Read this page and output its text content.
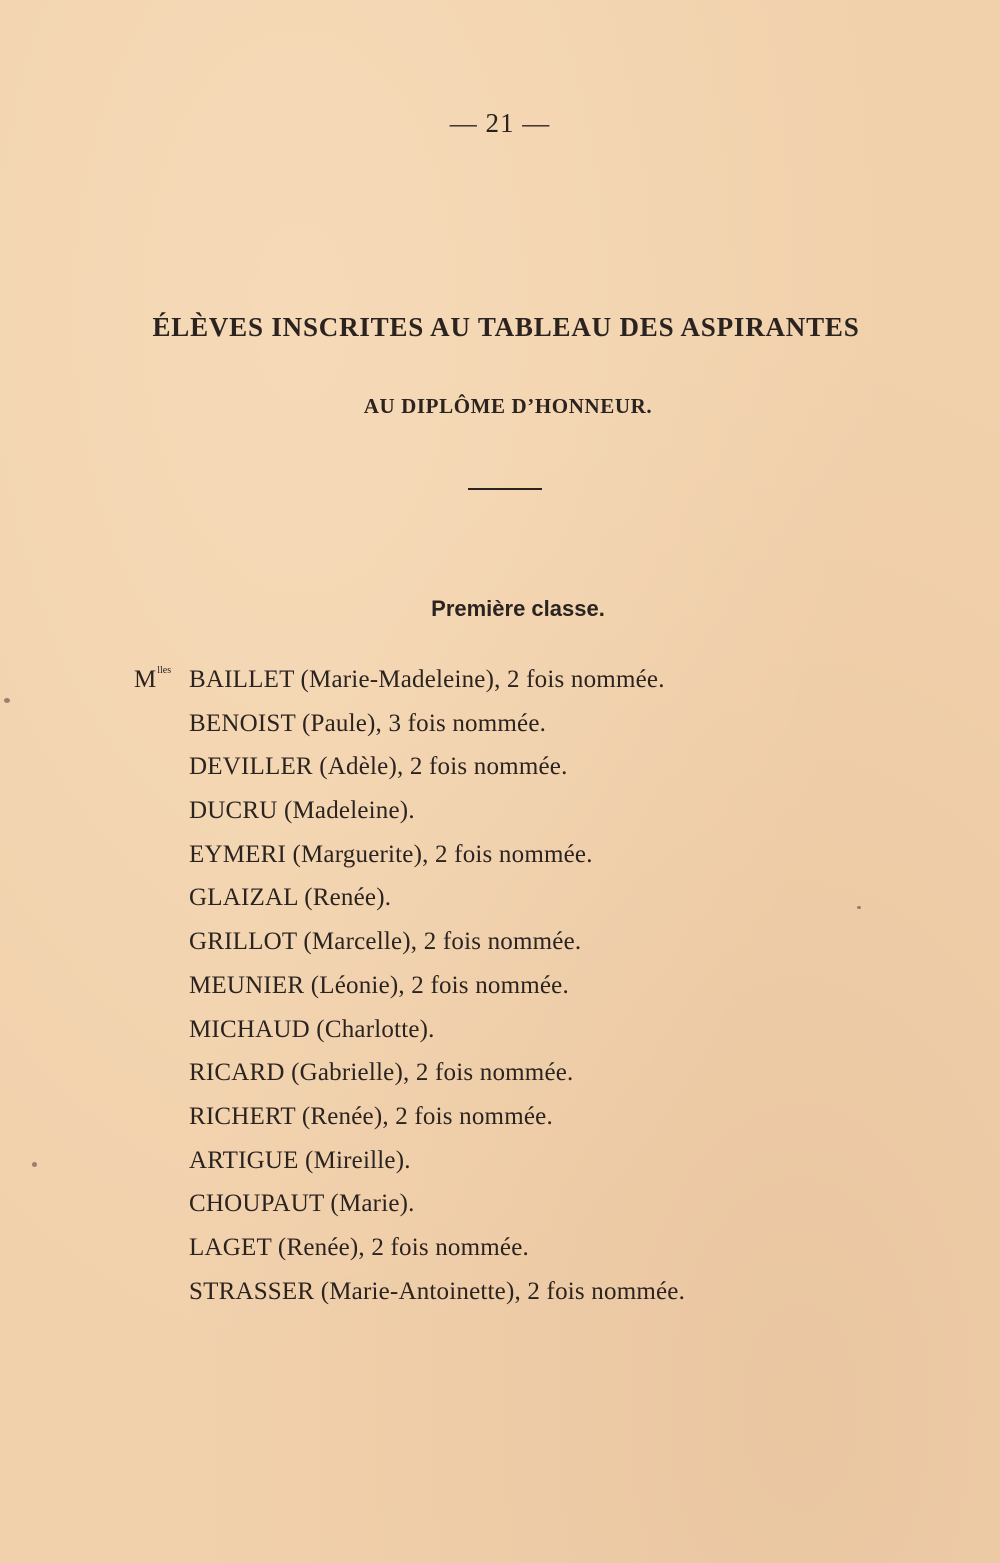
— 21 —
ÉLÈVES INSCRITES AU TABLEAU DES ASPIRANTES
AU DIPLÔME D’HONNEUR.
Première classe.
$M^{lles}$ BAILLET (Marie-Madeleine), 2 fois nommée.
BENOIST (Paule), 3 fois nommée.
DEVILLER (Adèle), 2 fois nommée.
DUCRU (Madeleine).
EYMERI (Marguerite), 2 fois nommée.
GLAIZAL (Renée).
GRILLOT (Marcelle), 2 fois nommée.
MEUNIER (Léonie), 2 fois nommée.
MICHAUD (Charlotte).
RICARD (Gabrielle), 2 fois nommée.
RICHERT (Renée), 2 fois nommée.
ARTIGUE (Mireille).
CHOUPAUT (Marie).
LAGET (Renée), 2 fois nommée.
STRASSER (Marie-Antoinette), 2 fois nommée.
